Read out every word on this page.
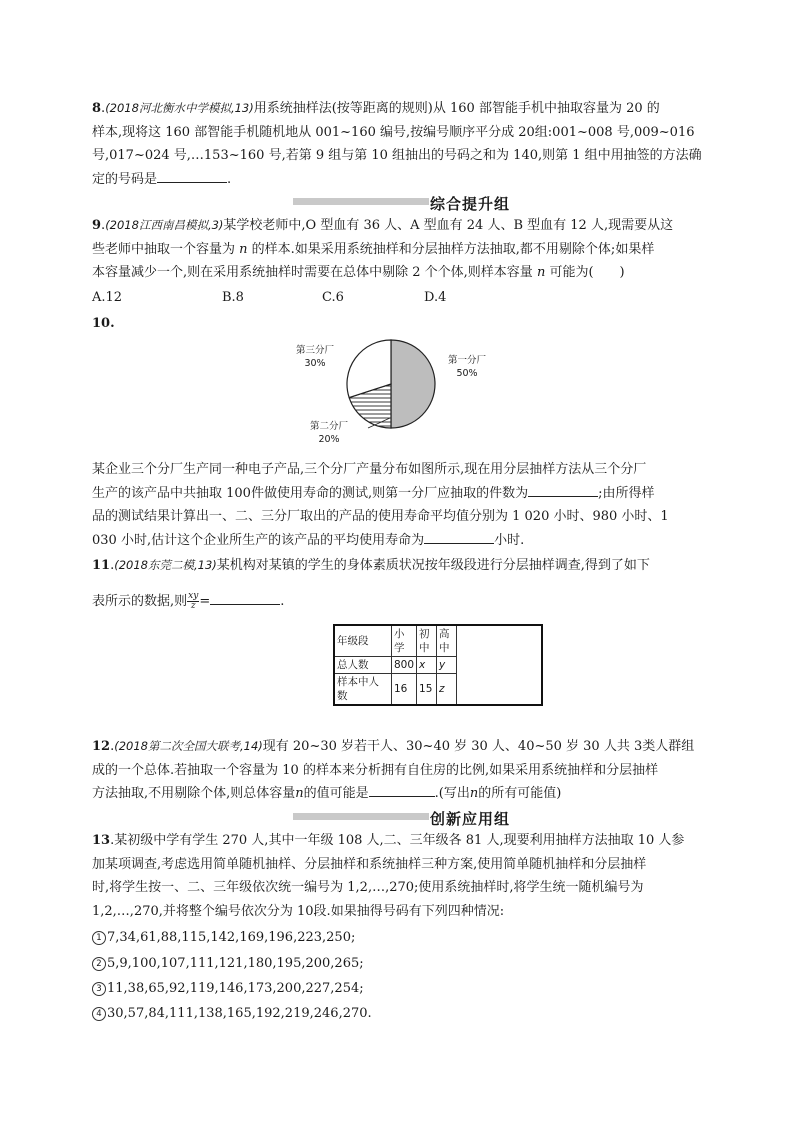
8.(2018河北衡水中学模拟,13)用系统抽样法(按等距离的规则)从 160 部智能手机中抽取容量为 20 的
样本,现将这 160 部智能手机随机地从 001~160 编号,按编号顺序平分成 20组:001~008 号,009~016
号,017~024 号,…153~160 号,若第 9 组与第 10 组抽出的号码之和为 140,则第 1 组中用抽签的方法确
定的号码是	.
综合提升组
9.(2018江西南昌模拟,3)某学校老师中,O 型血有 36 人、A 型血有 24 人、B 型血有 12 人,现需要从这
些老师中抽取一个容量为 n 的样本.如果采用系统抽样和分层抽样方法抽取,都不用剔除个体;如果样
本容量减少一个,则在采用系统抽样时需要在总体中剔除 2 个个体,则样本容量 n 可能为(　　)
A.12	B.8	C.6	D.4
10.
第三分厂
30%	第一分厂
50%
第二分厂
20%
某企业三个分厂生产同一种电子产品,三个分厂产量分布如图所示,现在用分层抽样方法从三个分厂
生产的该产品中共抽取 100件做使用寿命的测试,则第一分厂应抽取的件数为	;由所得样
品的测试结果计算出一、二、三分厂取出的产品的使用寿命平均值分别为 1 020 小时、980 小时、1
030 小时,估计这个企业所生产的该产品的平均使用寿命为	小时.
11.(2018东莞二模,13)某机构对某镇的学生的身体素质状况按年级段进行分层抽样调查,得到了如下
表所示的数据,则 $\frac{xy}{z}$ =	.
年级段	小学	初中	高中	
总人数	800	x	y	
样本中人数	16	15	z	
12.(2018第二次全国大联考,14)现有 20~30 岁若干人、30~40 岁 30 人、40~50 岁 30 人共 3类人群组
成的一个总体.若抽取一个容量为 10 的样本来分析拥有自住房的比例,如果采用系统抽样和分层抽样
方法抽取,不用剔除个体,则总体容量n的值可能是	.(写出n的所有可能值)
创新应用组
13.某初级中学有学生 270 人,其中一年级 108 人,二、三年级各 81 人,现要利用抽样方法抽取 10 人参
加某项调查,考虑选用简单随机抽样、分层抽样和系统抽样三种方案,使用简单随机抽样和分层抽样
时,将学生按一、二、三年级依次统一编号为 1,2,…,270;使用系统抽样时,将学生统一随机编号为
1,2,…,270,并将整个编号依次分为 10段.如果抽得号码有下列四种情况:
1 7,34,61,88,115,142,169,196,223,250;
2 5,9,100,107,111,121,180,195,200,265;
3 11,38,65,92,119,146,173,200,227,254;
4 30,57,84,111,138,165,192,219,246,270.
